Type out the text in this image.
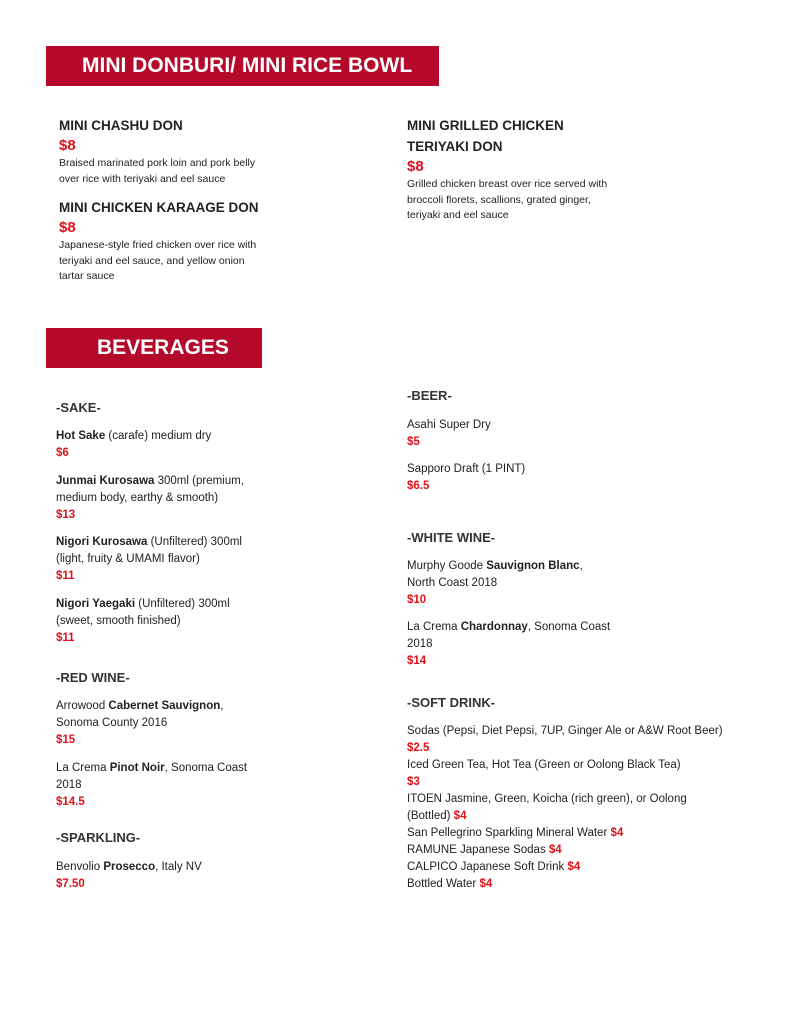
MINI DONBURI/ MINI RICE BOWL
BEVERAGES
MINI CHASHU DON
$8
Braised marinated pork loin and pork belly
over rice with teriyaki and eel sauce
MINI CHICKEN KARAAGE DON
$8
Japanese-style fried chicken over rice with
teriyaki and eel sauce, and yellow onion
tartar sauce
MINI GRILLED CHICKEN
TERIYAKI DON
$8
Grilled chicken breast over rice served with
broccoli florets, scallions, grated ginger,
teriyaki and eel sauce
-SAKE-
Hot Sake (carafe) medium dry
$6
Junmai Kurosawa 300ml (premium,
medium body, earthy & smooth)
$13
Nigori Kurosawa (Unfiltered) 300ml
(light, fruity & UMAMI flavor)
$11
Nigori Yaegaki (Unfiltered) 300ml
(sweet, smooth finished)
$11
-RED WINE-
Arrowood Cabernet Sauvignon,
Sonoma County 2016
$15
La Crema Pinot Noir, Sonoma Coast
2018
$14.5
-SPARKLING-
Benvolio Prosecco, Italy NV
$7.50
-BEER-
Asahi Super Dry
$5
Sapporo Draft (1 PINT)
$6.5
-WHITE WINE-
Murphy Goode Sauvignon Blanc,
North Coast 2018
$10
La Crema Chardonnay, Sonoma Coast
2018
$14
-SOFT DRINK-
Sodas (Pepsi, Diet Pepsi, 7UP, Ginger Ale or A&W Root Beer)
$2.5
Iced Green Tea, Hot Tea (Green or Oolong Black Tea)
$3
ITOEN Jasmine, Green, Koicha (rich green), or Oolong
(Bottled) $4
San Pellegrino Sparkling Mineral Water $4
RAMUNE Japanese Sodas $4
CALPICO Japanese Soft Drink $4
Bottled Water $4
